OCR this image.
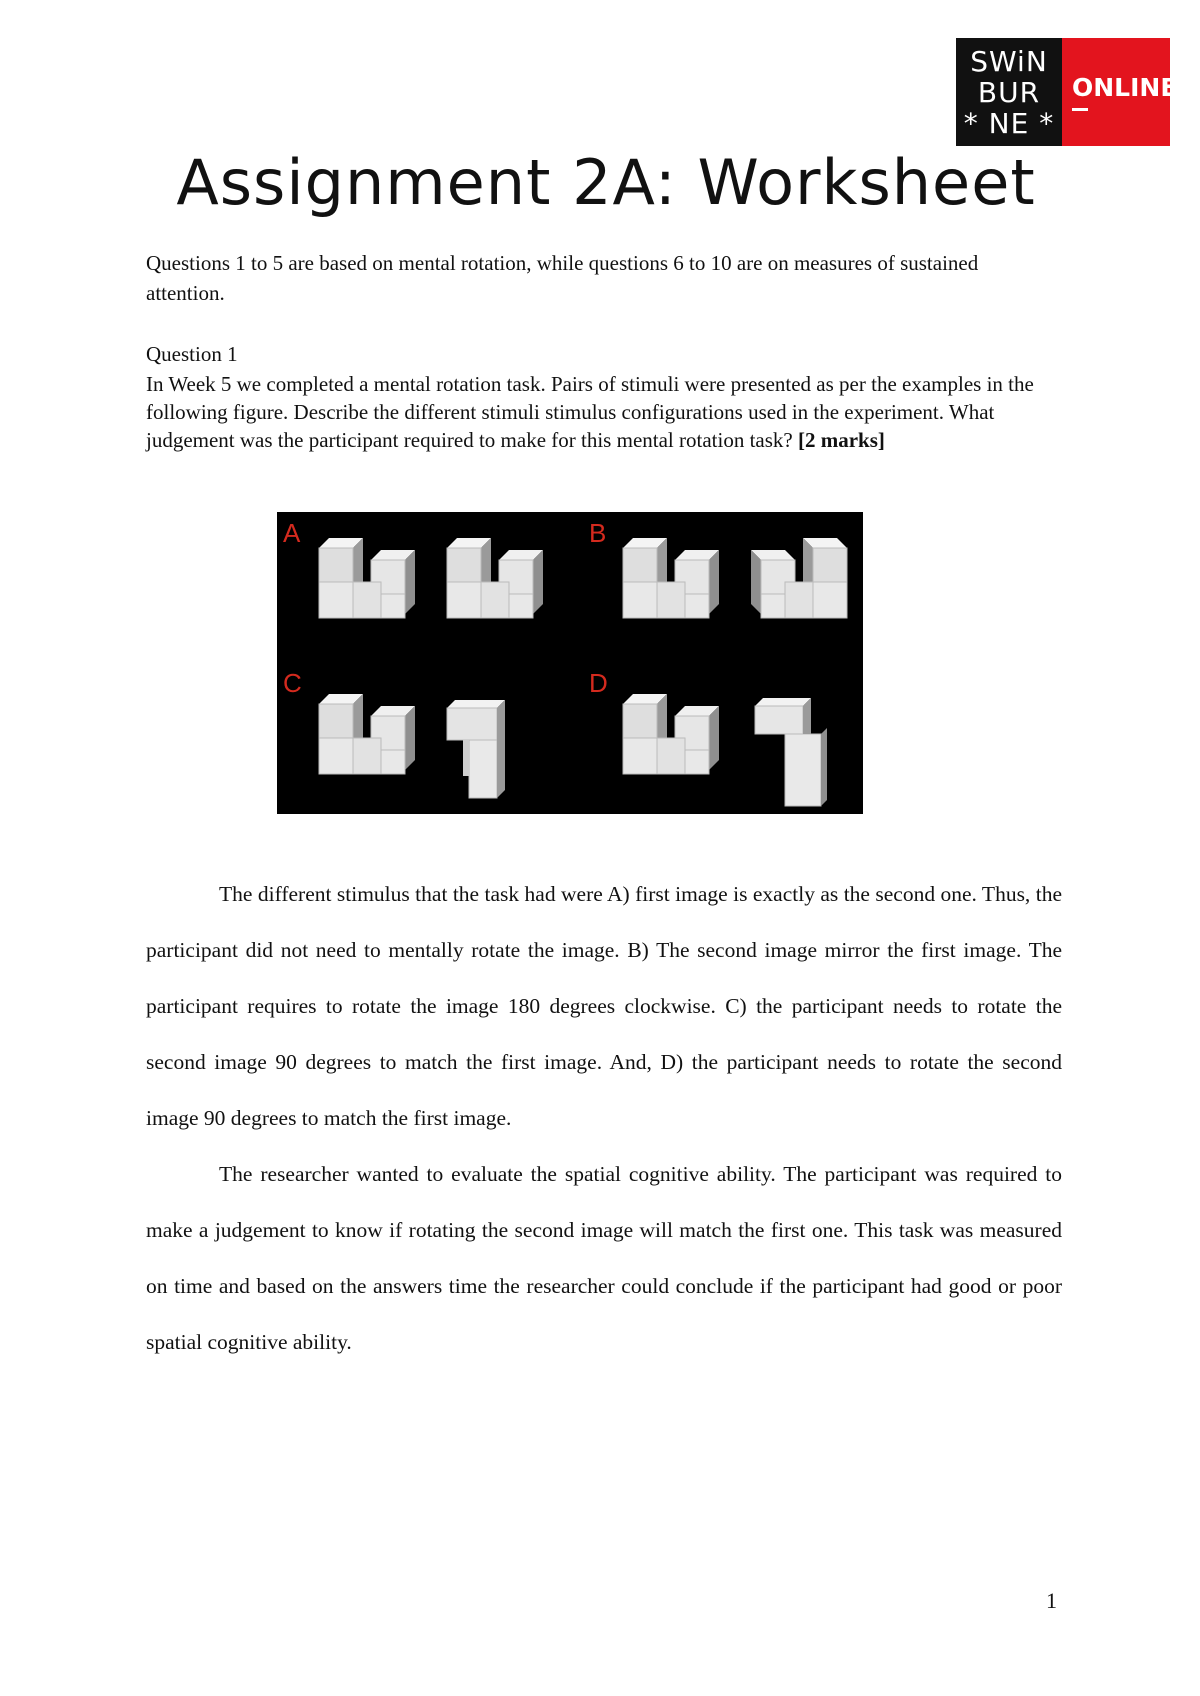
SWiN
BUR
* NE *
ONLINE
Assignment 2A: Worksheet

Questions 1 to 5 are based on mental rotation, while questions 6 to 10 are on measures of sustained attention.

Question 1

In Week 5 we completed a mental rotation task. Pairs of stimuli were presented as per the examples in the following figure. Describe the different stimuli stimulus configurations used in the experiment. What judgement was the participant required to make for this mental rotation task? [2 marks]

A	B
C	D

The different stimulus that the task had were A) first image is exactly as the second one. Thus, the participant did not need to mentally rotate the image. B) The second image mirror the first image. The participant requires to rotate the image 180 degrees clockwise. C) the participant needs to rotate the second image 90 degrees to match the first image. And, D) the participant needs to rotate the second image 90 degrees to match the first image.

The researcher wanted to evaluate the spatial cognitive ability. The participant was required to make a judgement to know if rotating the second image will match the first one. This task was measured on time and based on the answers time the researcher could conclude if the participant had good or poor spatial cognitive ability.

1
